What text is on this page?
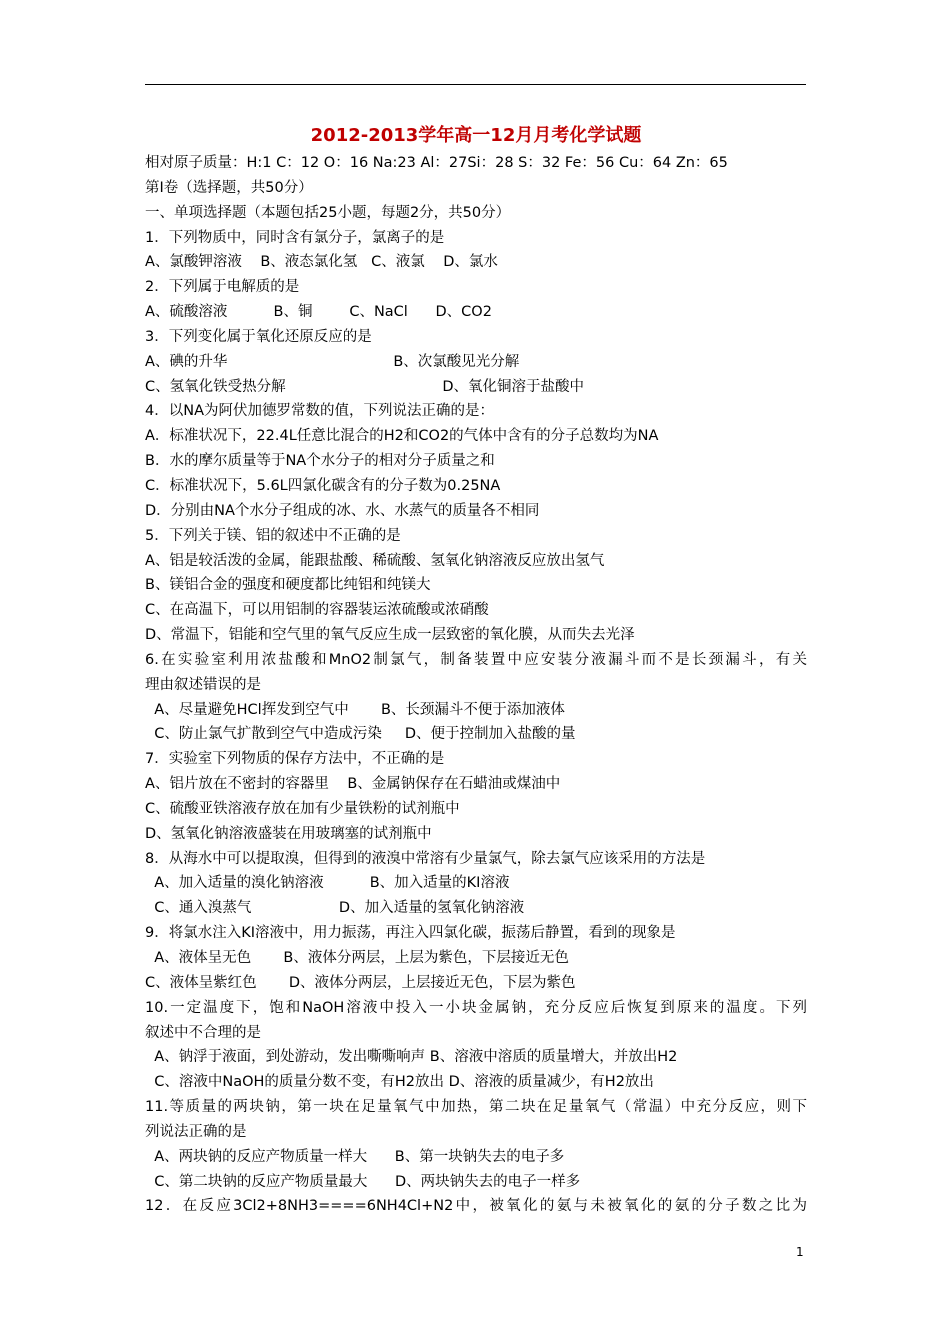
2012-2013学年高一12月月考化学试题
相对原子质量：H:1 C：12 O：16 Na:23 Al：27Si：28 S：32 Fe：56 Cu：64 Zn：65
第I卷（选择题，共50分）
一、单项选择题（本题包括25小题，每题2分，共50分）
1．下列物质中，同时含有氯分子，氯离子的是
A、氯酸钾溶液    B、液态氯化氢   C、液氯    D、氯水
2．下列属于电解质的是
A、硫酸溶液          B、铜        C、NaCl      D、CO2
3．下列变化属于氧化还原反应的是
A、碘的升华                                    B、次氯酸见光分解
C、氢氧化铁受热分解                                  D、氧化铜溶于盐酸中
4．以NA为阿伏加德罗常数的值，下列说法正确的是：
A．标准状况下，22.4L任意比混合的H2和CO2的气体中含有的分子总数均为NA
B．水的摩尔质量等于NA个水分子的相对分子质量之和
C．标准状况下，5.6L四氯化碳含有的分子数为0.25NA
D．分别由NA个水分子组成的冰、水、水蒸气的质量各不相同
5．下列关于镁、铝的叙述中不正确的是
A、铝是较活泼的金属，能跟盐酸、稀硫酸、氢氧化钠溶液反应放出氢气
B、镁铝合金的强度和硬度都比纯铝和纯镁大
C、在高温下，可以用铝制的容器装运浓硫酸或浓硝酸
D、常温下，铝能和空气里的氧气反应生成一层致密的氧化膜，从而失去光泽
6.在实验室利用浓盐酸和MnO2制氯气，制备装置中应安装分液漏斗而不是长颈漏斗，有关
理由叙述错误的是
A、尽量避免HCl挥发到空气中       B、长颈漏斗不便于添加液体
C、防止氯气扩散到空气中造成污染     D、便于控制加入盐酸的量
7．实验室下列物质的保存方法中，不正确的是
A、铝片放在不密封的容器里    B、金属钠保存在石蜡油或煤油中
C、硫酸亚铁溶液存放在加有少量铁粉的试剂瓶中
D、氢氧化钠溶液盛装在用玻璃塞的试剂瓶中
8．从海水中可以提取溴，但得到的液溴中常溶有少量氯气，除去氯气应该采用的方法是
A、加入适量的溴化钠溶液          B、加入适量的KI溶液
C、通入溴蒸气                   D、加入适量的氢氧化钠溶液
9．将氯水注入KI溶液中，用力振荡，再注入四氯化碳，振荡后静置，看到的现象是
A、液体呈无色       B、液体分两层，上层为紫色，下层接近无色
C、液体呈紫红色       D、液体分两层，上层接近无色，下层为紫色
10.一定温度下，饱和NaOH溶液中投入一小块金属钠，充分反应后恢复到原来的温度。下列
叙述中不合理的是
A、钠浮于液面，到处游动，发出嘶嘶响声 B、溶液中溶质的质量增大，并放出H2
C、溶液中NaOH的质量分数不变，有H2放出 D、溶液的质量减少，有H2放出
11.等质量的两块钠，第一块在足量氧气中加热，第二块在足量氧气（常温）中充分反应，则下
列说法正确的是
A、两块钠的反应产物质量一样大      B、第一块钠失去的电子多
C、第二块钠的反应产物质量最大      D、两块钠失去的电子一样多
12．在反应3Cl2+8NH3====6NH4Cl+N2中，被氧化的氨与未被氧化的氨的分子数之比为
1
